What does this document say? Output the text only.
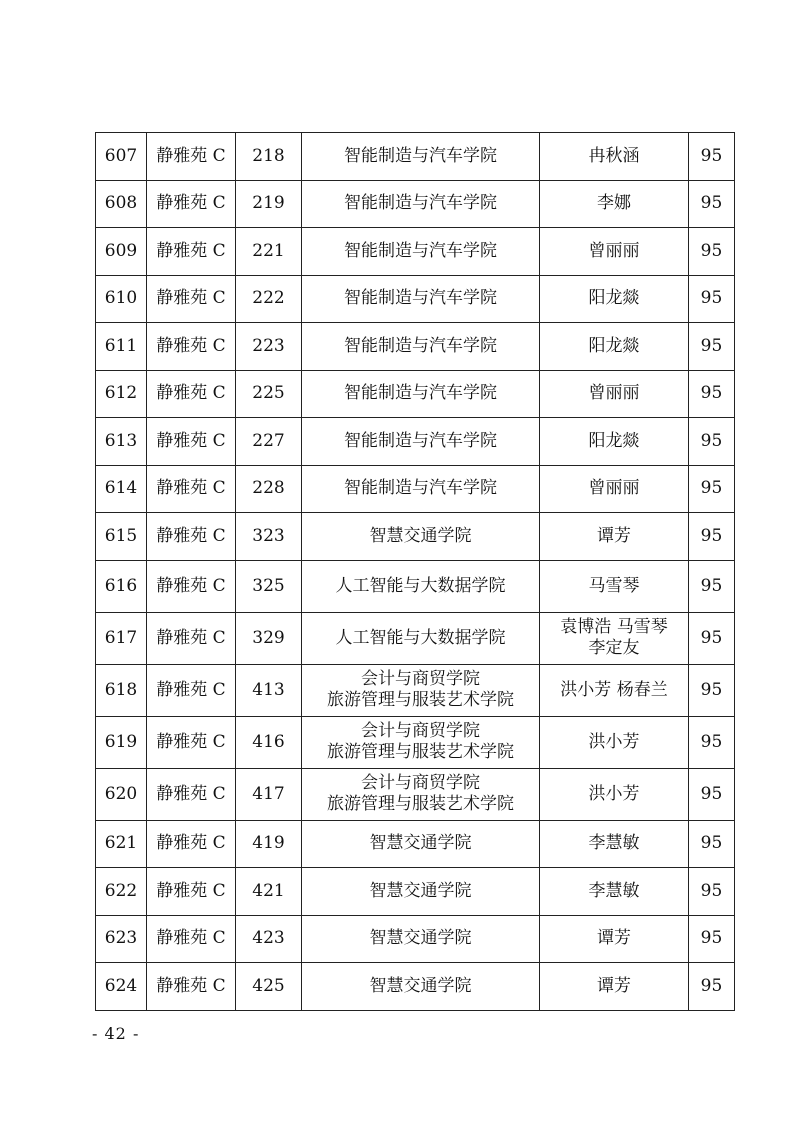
607	静雅苑 C	218	智能制造与汽车学院	冉秋涵	95
608	静雅苑 C	219	智能制造与汽车学院	李娜	95
609	静雅苑 C	221	智能制造与汽车学院	曾丽丽	95
610	静雅苑 C	222	智能制造与汽车学院	阳龙燚	95
611	静雅苑 C	223	智能制造与汽车学院	阳龙燚	95
612	静雅苑 C	225	智能制造与汽车学院	曾丽丽	95
613	静雅苑 C	227	智能制造与汽车学院	阳龙燚	95
614	静雅苑 C	228	智能制造与汽车学院	曾丽丽	95
615	静雅苑 C	323	智慧交通学院	谭芳	95
616	静雅苑 C	325	人工智能与大数据学院	马雪琴	95
617	静雅苑 C	329	人工智能与大数据学院	袁博浩 马雪琴
李定友	95
618	静雅苑 C	413	会计与商贸学院
旅游管理与服装艺术学院	洪小芳 杨春兰	95
619	静雅苑 C	416	会计与商贸学院
旅游管理与服装艺术学院	洪小芳	95
620	静雅苑 C	417	会计与商贸学院
旅游管理与服装艺术学院	洪小芳	95
621	静雅苑 C	419	智慧交通学院	李慧敏	95
622	静雅苑 C	421	智慧交通学院	李慧敏	95
623	静雅苑 C	423	智慧交通学院	谭芳	95
624	静雅苑 C	425	智慧交通学院	谭芳	95
- 42 -
